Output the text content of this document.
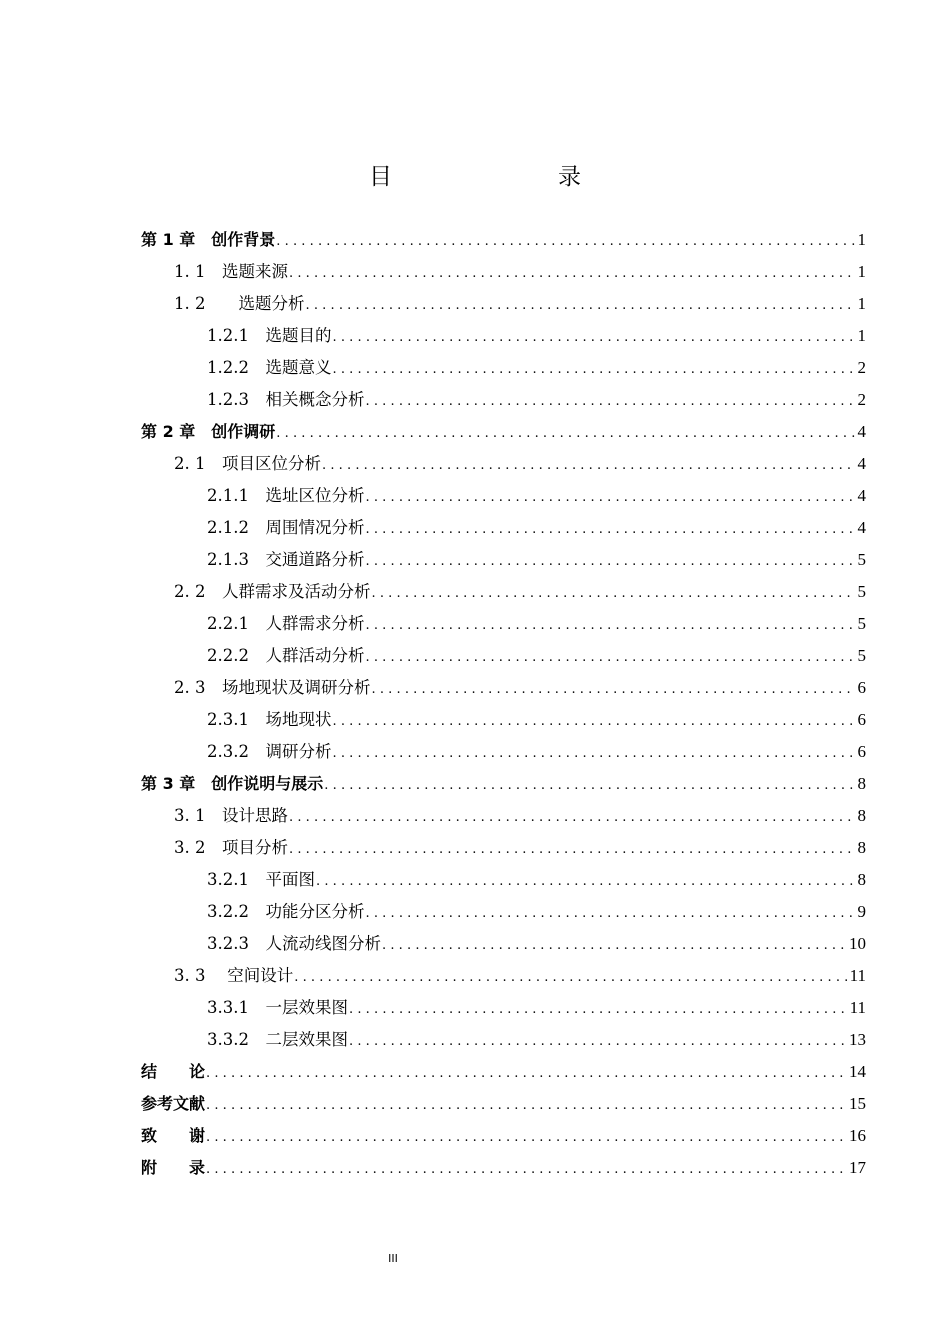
目　　录
第 1 章　创作背景 .....	1
1. 1　选题来源 .....	1
1. 2　　选题分析 .....	1
1.2.1　选题目的 .....	1
1.2.2　选题意义 .....	2
1.2.3　相关概念分析 .....	2
第 2 章　创作调研 .....	4
2. 1　项目区位分析 .....	4
2.1.1　选址区位分析 .....	4
2.1.2　周围情况分析 .....	4
2.1.3　交通道路分析 .....	5
2. 2　人群需求及活动分析 .....	5
2.2.1　人群需求分析 .....	5
2.2.2　人群活动分析 .....	5
2. 3　场地现状及调研分析 .....	6
2.3.1　场地现状 .....	6
2.3.2　调研分析 .....	6
第 3 章　创作说明与展示 .....	8
3. 1　设计思路 .....	8
3. 2　项目分析 .....	8
3.2.1　平面图 .....	8
3.2.2　功能分区分析 .....	9
3.2.3　人流动线图分析 .....	10
3. 3　 空间设计 .....	11
3.3.1　一层效果图 .....	11
3.3.2　二层效果图 .....	13
结　　论 .....	14
参考文献 .....	15
致　　谢 .....	16
附　　录 .....	17
III
